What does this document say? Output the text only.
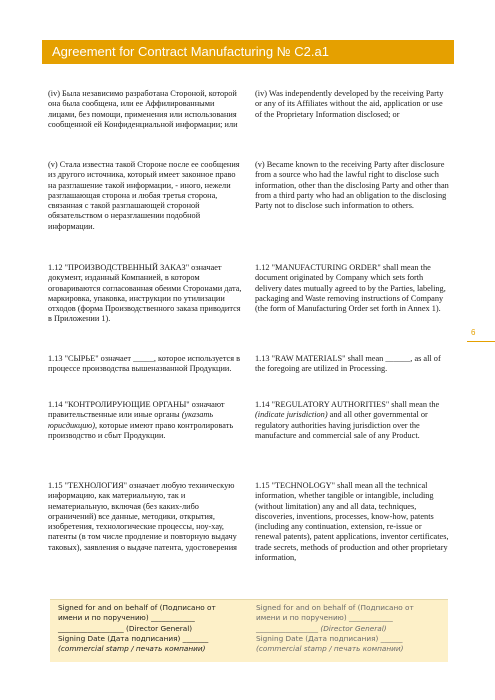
Agreement for Contract Manufacturing № C2.a1

(iv) Была независимо разработана Стороной, которой она была сообщена, или ее Аффилированными лицами, без помощи, применения или использования сообщенной ей Конфиденциальной информации; или

(iv) Was independently developed by the receiving Party or any of its Affiliates without the aid, application or use of the Proprietary Information disclosed; or

(v) Стала известна такой Стороне после ее сообщения из другого источника, который имеет законное право на разглашение такой информации, - иного, нежели разглашающая сторона и любая третья сторона, связанная с такой разглашающей стороной обязательством о неразглашении подобной информации.

(v) Became known to the receiving Party after disclosure from a source who had the lawful right to disclose such information, other than the disclosing Party and other than from a third party who had an obligation to the disclosing Party not to disclose such information to others.

1.12 "ПРОИЗВОДСТВЕННЫЙ ЗАКАЗ" означает документ, изданный Компанией, в котором оговариваются согласованная обеими Сторонами дата, маркировка, упаковка, инструкции по утилизации отходов (форма Производственного заказа приводится в Приложении 1).

1.12 "MANUFACTURING ORDER" shall mean the document originated by Company which sets forth delivery dates mutually agreed to by the Parties, labeling, packaging and Waste removing instructions of Company (the form of Manufacturing Order set forth in Annex 1).

1.13 "СЫРЬЕ" означает _____, которое используется в процессе производства вышеназванной Продукции.

1.13 "RAW MATERIALS" shall mean ______, as all of the foregoing are utilized in Processing.

1.14 "КОНТРОЛИРУЮЩИЕ ОРГАНЫ" означают правительственные или иные органы (указать юрисдикцию), которые имеют право контролировать производство и сбыт Продукции.

1.14 "REGULATORY AUTHORITIES" shall mean the (indicate jurisdiction) and all other governmental or regulatory authorities having jurisdiction over the manufacture and commercial sale of any Product.

1.15 "ТЕХНОЛОГИЯ" означает любую техническую информацию, как материальную, так и нематериальную, включая (без каких-либо ограничений) все данные, методики, открытия, изобретения, технологические процессы, ноу-хау, патенты (в том числе продление и повторную выдачу таковых), заявления о выдаче патента, удостоверения

1.15 "TECHNOLOGY" shall mean all the technical information, whether tangible or intangible, including (without limitation) any and all data, techniques, discoveries, inventions, processes, know-how, patents (including any continuation, extension, re-issue or renewal patents), patent applications, inventor certificates, trade secrets, methods of production and other proprietary information,

6
Signed for and on behalf of (Подписано от
имени и по поручению) ____________
__________________ (Director General)
Signing Date (Дата подписания) _______
(commercial stamp / печать компании)
Signed for and on behalf of (Подписано от
имени и по поручению) ____________
_________________ (Director General)
Signing Date (Дата подписания) ______
(commercial stamp / печать компании)
